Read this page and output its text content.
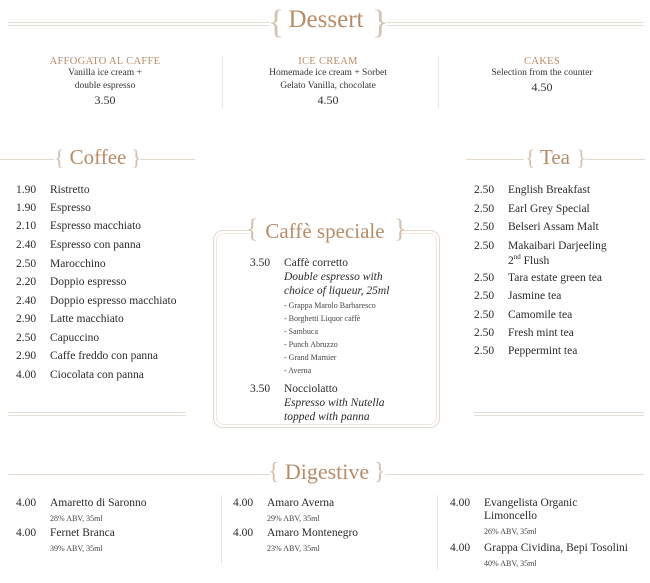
{	}
Dessert
AFFOGATO AL CAFFE
Vanilla ice cream +
double espresso
3.50
ICE CREAM
Homemade ice cream + Sorbet
Gelato Vanilla, chocolate
4.50
CAKES
Selection from the counter
4.50
{	}
Coffee
1.90 Ristretto
1.90 Espresso
2.10 Espresso macchiato
2.40 Espresso con panna
2.50 Marocchino
2.20 Doppio espresso
2.40 Doppio espresso macchiato
2.90 Latte macchiato
2.50 Capuccino
2.90 Caffe freddo con panna
4.00 Ciocolata con panna
{	}
Caffè speciale
3.50 Caffè corretto
Double espresso with
choice of liqueur, 25ml
- Grappa Marolo Barbaresco
- Borghetti Liquor caffè
- Sambuca
- Punch Abruzzo
- Grand Marnier
- Averna
3.50 Nocciolatto
Espresso with Nutella
topped with panna
{ }
Tea
2.50 English Breakfast
2.50 Earl Grey Special
2.50 Belseri Assam Malt
2.50 Makaibari Darjeeling
2nd Flush
2.50 Tara estate green tea
2.50 Jasmine tea
2.50 Camomile tea
2.50 Fresh mint tea
2.50 Peppermint tea
{	}
Digestive
4.00 Amaretto di Saronno
28% ABV, 35ml
4.00 Fernet Branca
39% ABV, 35ml
4.00 Amaro Averna
29% ABV, 35ml
4.00 Amaro Montenegro
23% ABV, 35ml
4.00 Evangelista Organic
Limoncello
26% ABV, 35ml
4.00 Grappa Cividina, Bepi Tosolini
40% ABV, 35ml
